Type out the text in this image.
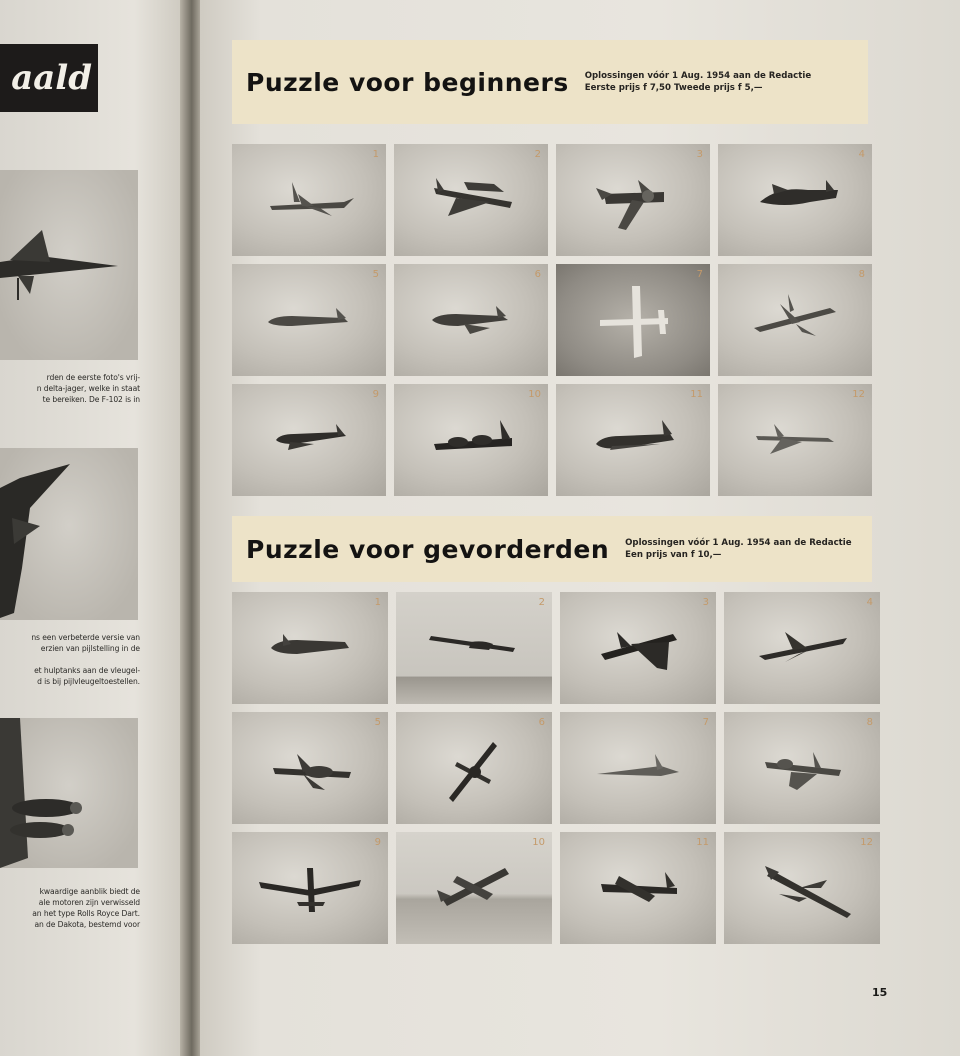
aald
rden de eerste foto's vrij-
n delta-jager, welke in staat
te bereiken. De F-102 is in
ns een verbeterde versie van
erzien van pijlstelling in de

et hulptanks aan de vleugel-
d is bij pijlvleugeltoestellen.
kwaardige aanblik biedt de
ale motoren zijn verwisseld
an het type Rolls Royce Dart.
an de Dakota, bestemd voor
Puzzle voor beginners Oplossingen vóór 1 Aug. 1954 aan de Redactie
Eerste prijs f 7,50 Tweede prijs f 5,—
1	2	3	4
5	6	7	8
9	10	11	12
Puzzle voor gevorderden Oplossingen vóór 1 Aug. 1954 aan de Redactie
Een prijs van f 10,—
1	2	3	4
5	6	7	8
9	10	11	12
15
